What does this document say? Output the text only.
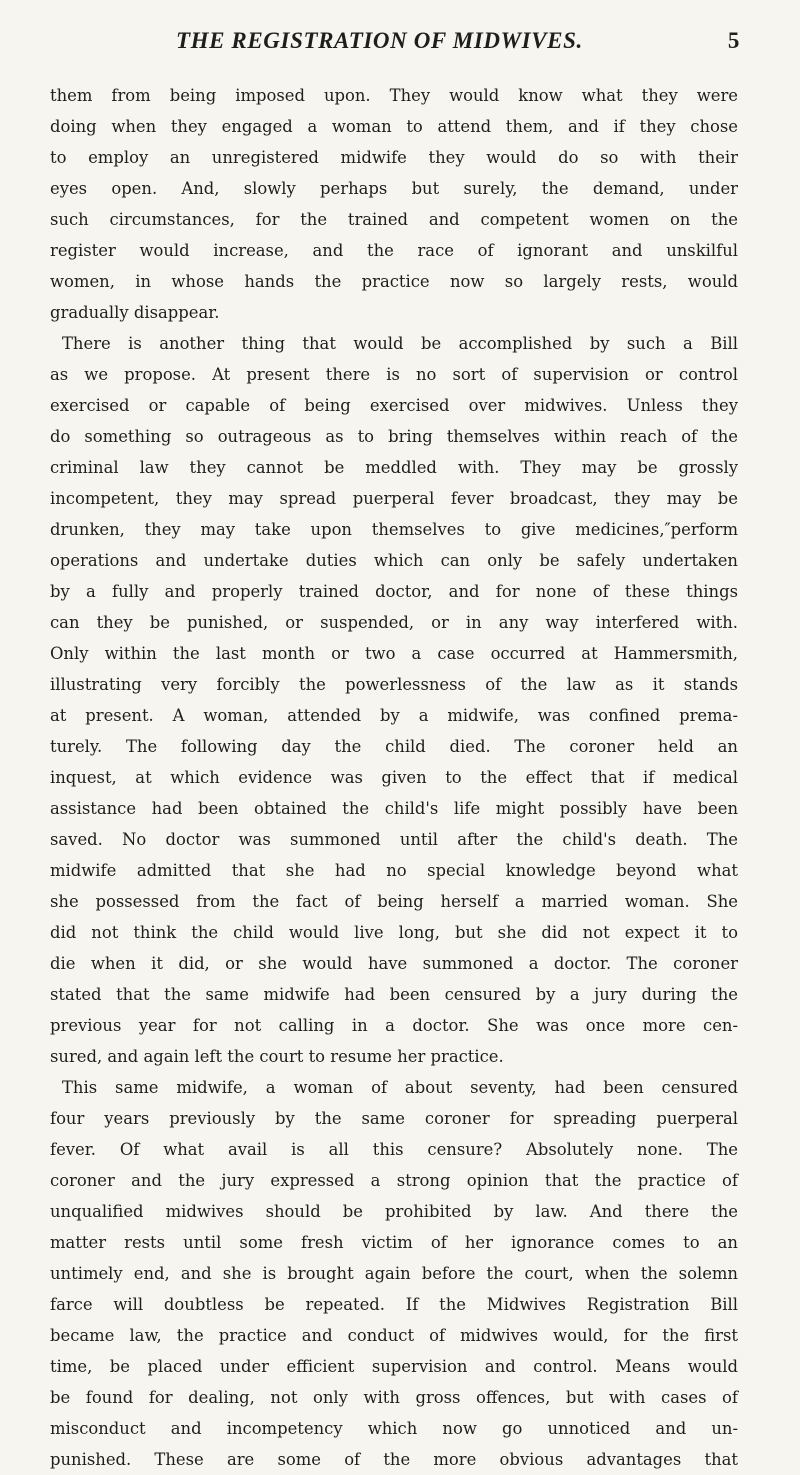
THE REGISTRATION OF MIDWIVES.	5
them from being imposed upon. They would know what they were
doing when they engaged a woman to attend them, and if they chose
to employ an unregistered midwife they would do so with their
eyes open. And, slowly perhaps but surely, the demand, under
such circumstances, for the trained and competent women on the
register would increase, and the race of ignorant and unskilful
women, in whose hands the practice now so largely rests, would
gradually disappear.
There is another thing that would be accomplished by such a Bill
as we propose. At present there is no sort of supervision or control
exercised or capable of being exercised over midwives. Unless they
do something so outrageous as to bring themselves within reach of the
criminal law they cannot be meddled with. They may be grossly
incompetent, they may spread puerperal fever broadcast, they may be
drunken, they may take upon themselves to give medicines,″perform
operations and undertake duties which can only be safely undertaken
by a fully and properly trained doctor, and for none of these things
can they be punished, or suspended, or in any way interfered with.
Only within the last month or two a case occurred at Hammersmith,
illustrating very forcibly the powerlessness of the law as it stands
at present. A woman, attended by a midwife, was confined prema-
turely. The following day the child died. The coroner held an
inquest, at which evidence was given to the effect that if medical
assistance had been obtained the child's life might possibly have been
saved. No doctor was summoned until after the child's death. The
midwife admitted that she had no special knowledge beyond what
she possessed from the fact of being herself a married woman. She
did not think the child would live long, but she did not expect it to
die when it did, or she would have summoned a doctor. The coroner
stated that the same midwife had been censured by a jury during the
previous year for not calling in a doctor. She was once more cen-
sured, and again left the court to resume her practice.
This same midwife, a woman of about seventy, had been censured
four years previously by the same coroner for spreading puerperal
fever. Of what avail is all this censure? Absolutely none. The
coroner and the jury expressed a strong opinion that the practice of
unqualified midwives should be prohibited by law. And there the
matter rests until some fresh victim of her ignorance comes to an
untimely end, and she is brought again before the court, when the solemn
farce will doubtless be repeated. If the Midwives Registration Bill
became law, the practice and conduct of midwives would, for the first
time, be placed under efficient supervision and control. Means would
be found for dealing, not only with gross offences, but with cases of
misconduct and incompetency which now go unnoticed and un-
punished. These are some of the more obvious advantages that
